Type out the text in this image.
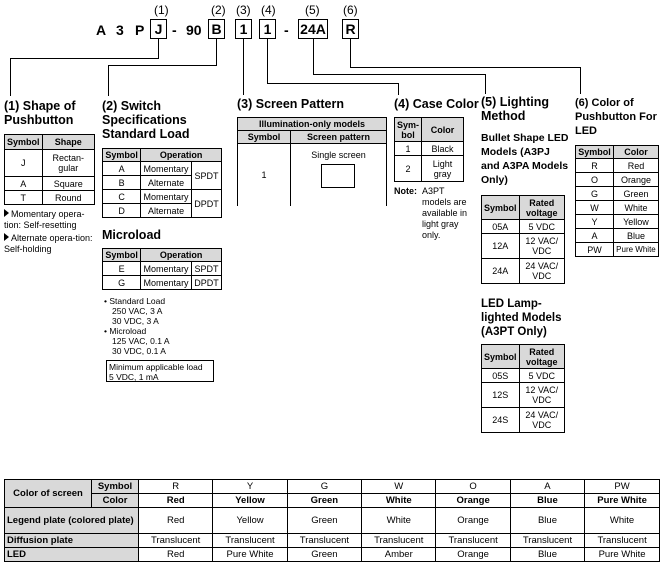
A 3 P J - 90 B	1	1 - 24A R
(1)	(2) (3) (4) (5) (6)
(1) Shape of Pushbutton
Symbol	Shape
J	Rectan-gular
A	Square
T	Round
Momentary opera-tion: Self-resetting
Alternate opera-tion: Self-holding
(2) Switch Specifications Standard Load
Symbol	Operation	
A	Momentary	SPDT
B	Alternate	
C	Momentary	DPDT
D	Alternate	
Microload
Symbol	Operation	
E	Momentary	SPDT
G	Momentary	DPDT
• Standard Load
250 VAC, 3 A
30 VDC, 3 A
• Microload
125 VAC, 0.1 A
30 VDC, 0.1 A
Minimum applicable load
5 VDC, 1 mA
(3) Screen Pattern
Illumination-only models	
Symbol	Screen pattern
1	Single screen
(4) Case Color
Sym-bol	Color
1	Black
2	Light gray
Note: A3PT models are available in light gray only.
(5) Lighting Method
Bullet Shape LED Models (A3PJ and A3PA Models Only)
Symbol	Rated voltage
05A	5 VDC
12A	12 VAC/ VDC
24A	24 VAC/ VDC
LED Lamp-lighted Models (A3PT Only)
Symbol	Rated voltage
05S	5 VDC
12S	12 VAC/ VDC
24S	24 VAC/ VDC
(6) Color of Pushbutton For LED
Symbol	Color
R	Red
O	Orange
G	Green
W	White
Y	Yellow
A	Blue
PW	Pure White
Color of screen	Symbol	R	Y	G	W	O	A	PW
	Color	Red	Yellow	Green	White	Orange	Blue	Pure White
Legend plate (colored plate)		Red	Yellow	Green	White	Orange	Blue	White
Diffusion plate		Translucent	Translucent	Translucent	Translucent	Translucent	Translucent	Translucent
LED		Red	Pure White	Green	Amber	Orange	Blue	Pure White
